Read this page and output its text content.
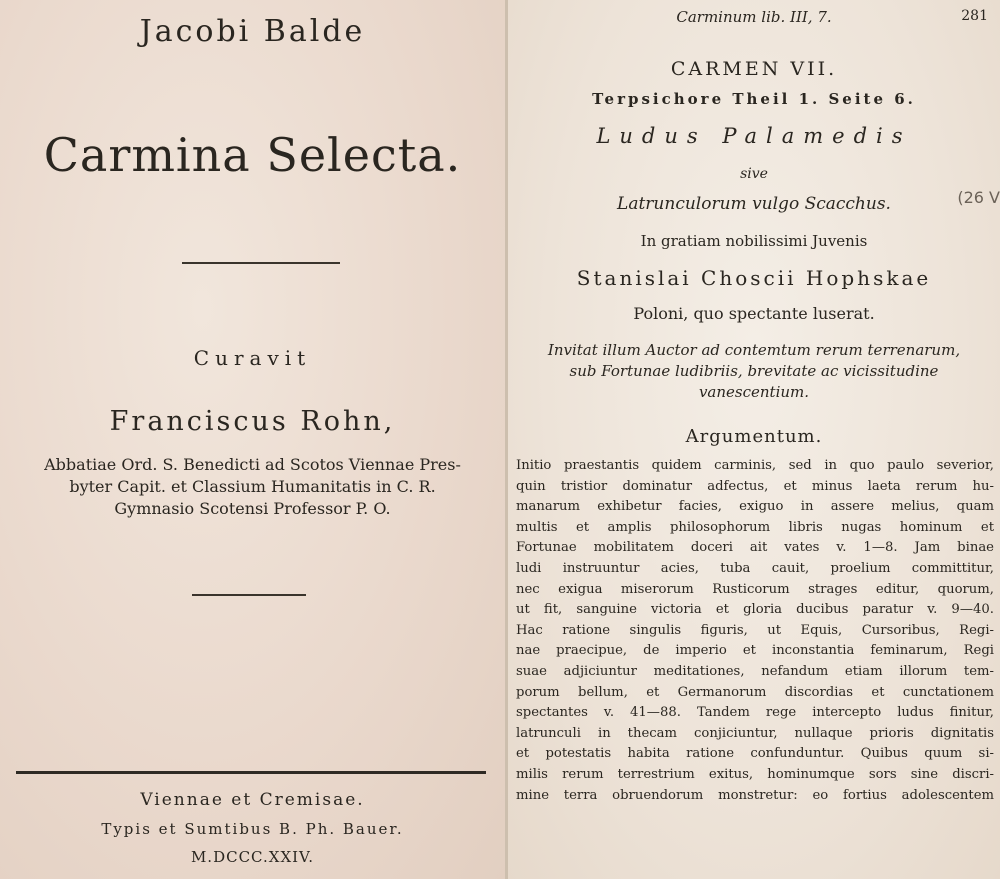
Jacobi Balde
Carmina Selecta.
Curavit
Franciscus Rohn,
Abbatiae Ord. S. Benedicti ad Scotos Viennae Pres-
byter Capit. et Classium Humanitatis in C. R.
Gymnasio Scotensi Professor P. O.
Viennae et Cremisae.
Typis et Sumtibus B. Ph. Bauer.
M.DCCC.XXIV.
Carminum lib. III, 7.	281
CARMEN VII.
Terpsichore Theil 1. Seite 6.
Ludus Palamedis
sive
Latrunculorum vulgo Scacchus.	(26 V
In gratiam nobilissimi Juvenis
Stanislai Choscii Hophskae
Poloni, quo spectante luserat.
Invitat illum Auctor ad contemtum rerum terrenarum,
sub Fortunae ludibriis, brevitate ac vicissitudine
vanescentium.
Argumentum.
Initio praestantis quidem carminis, sed in quo paulo severior,
quin tristior dominatur adfectus, et minus laeta rerum hu-
manarum exhibetur facies, exiguo in assere melius, quam
multis et amplis philosophorum libris nugas hominum et
Fortunae mobilitatem doceri ait vates v. 1—8. Jam binae
ludi instruuntur acies, tuba cauit, proelium committitur,
nec exigua miserorum Rusticorum strages editur, quorum,
ut fit, sanguine victoria et gloria ducibus paratur v. 9—40.
Hac ratione singulis figuris, ut Equis, Cursoribus, Regi-
nae praecipue, de imperio et inconstantia feminarum, Regi
suae adjiciuntur meditationes, nefandum etiam illorum tem-
porum bellum, et Germanorum discordias et cunctationem
spectantes v. 41—88. Tandem rege intercepto ludus finitur,
latrunculi in thecam conjiciuntur, nullaque prioris dignitatis
et potestatis habita ratione confunduntur. Quibus quum si-
milis rerum terrestrium exitus, hominumque sors sine discri-
mine terra obruendorum monstretur: eo fortius adolescentem
